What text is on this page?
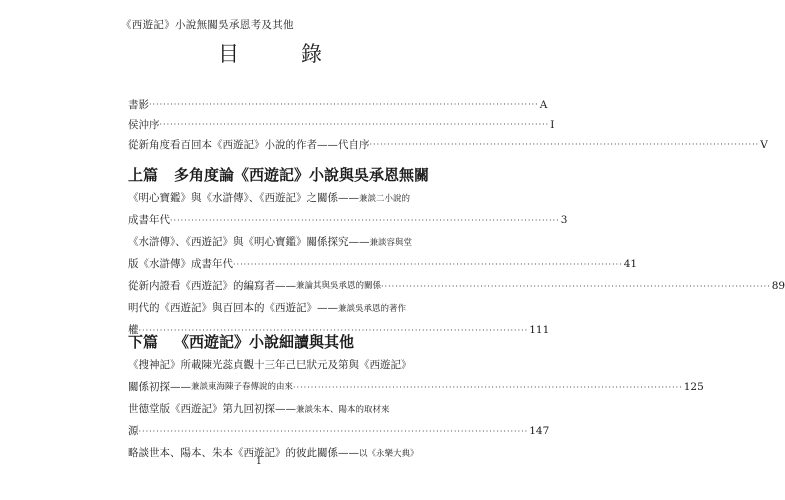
《西遊記》小說無關吳承恩考及其他
目錄
書影 ·············································································································· A
侯沖序 ·············································································································· I
從新角度看百回本《西遊記》小說的作者——代自序 ·············································································································· V
上篇 多角度論《西遊記》小說與吳承恩無關
《明心寶鑑》與《水滸傳》、《西遊記》之關係——兼談二小說的
成書年代 ·············································································································· 3
《水滸傳》、《西遊記》與《明心寶鑑》關係探究——兼談容與堂
版《水滸傳》成書年代 ·············································································································· 41
從新内證看《西遊記》的編寫者—— 兼論其與吳承恩的關係 ·············································································································· 89
明代的《西遊記》與百回本的《西遊記》——兼談吳承恩的著作
權 ·············································································································· 111
下篇 《西遊記》小說細讀與其他
《搜神記》所載陳光蕊貞觀十三年己巳狀元及第與《西遊記》
關係初探—— 兼談東海陳子春傳說的由來 ·············································································································· 125
世德堂版《西遊記》第九回初探——兼談朱本、陽本的取材來
源 ·············································································································· 147
略談世本、陽本、朱本《西遊記》的彼此關係——以《永樂大典》
1
